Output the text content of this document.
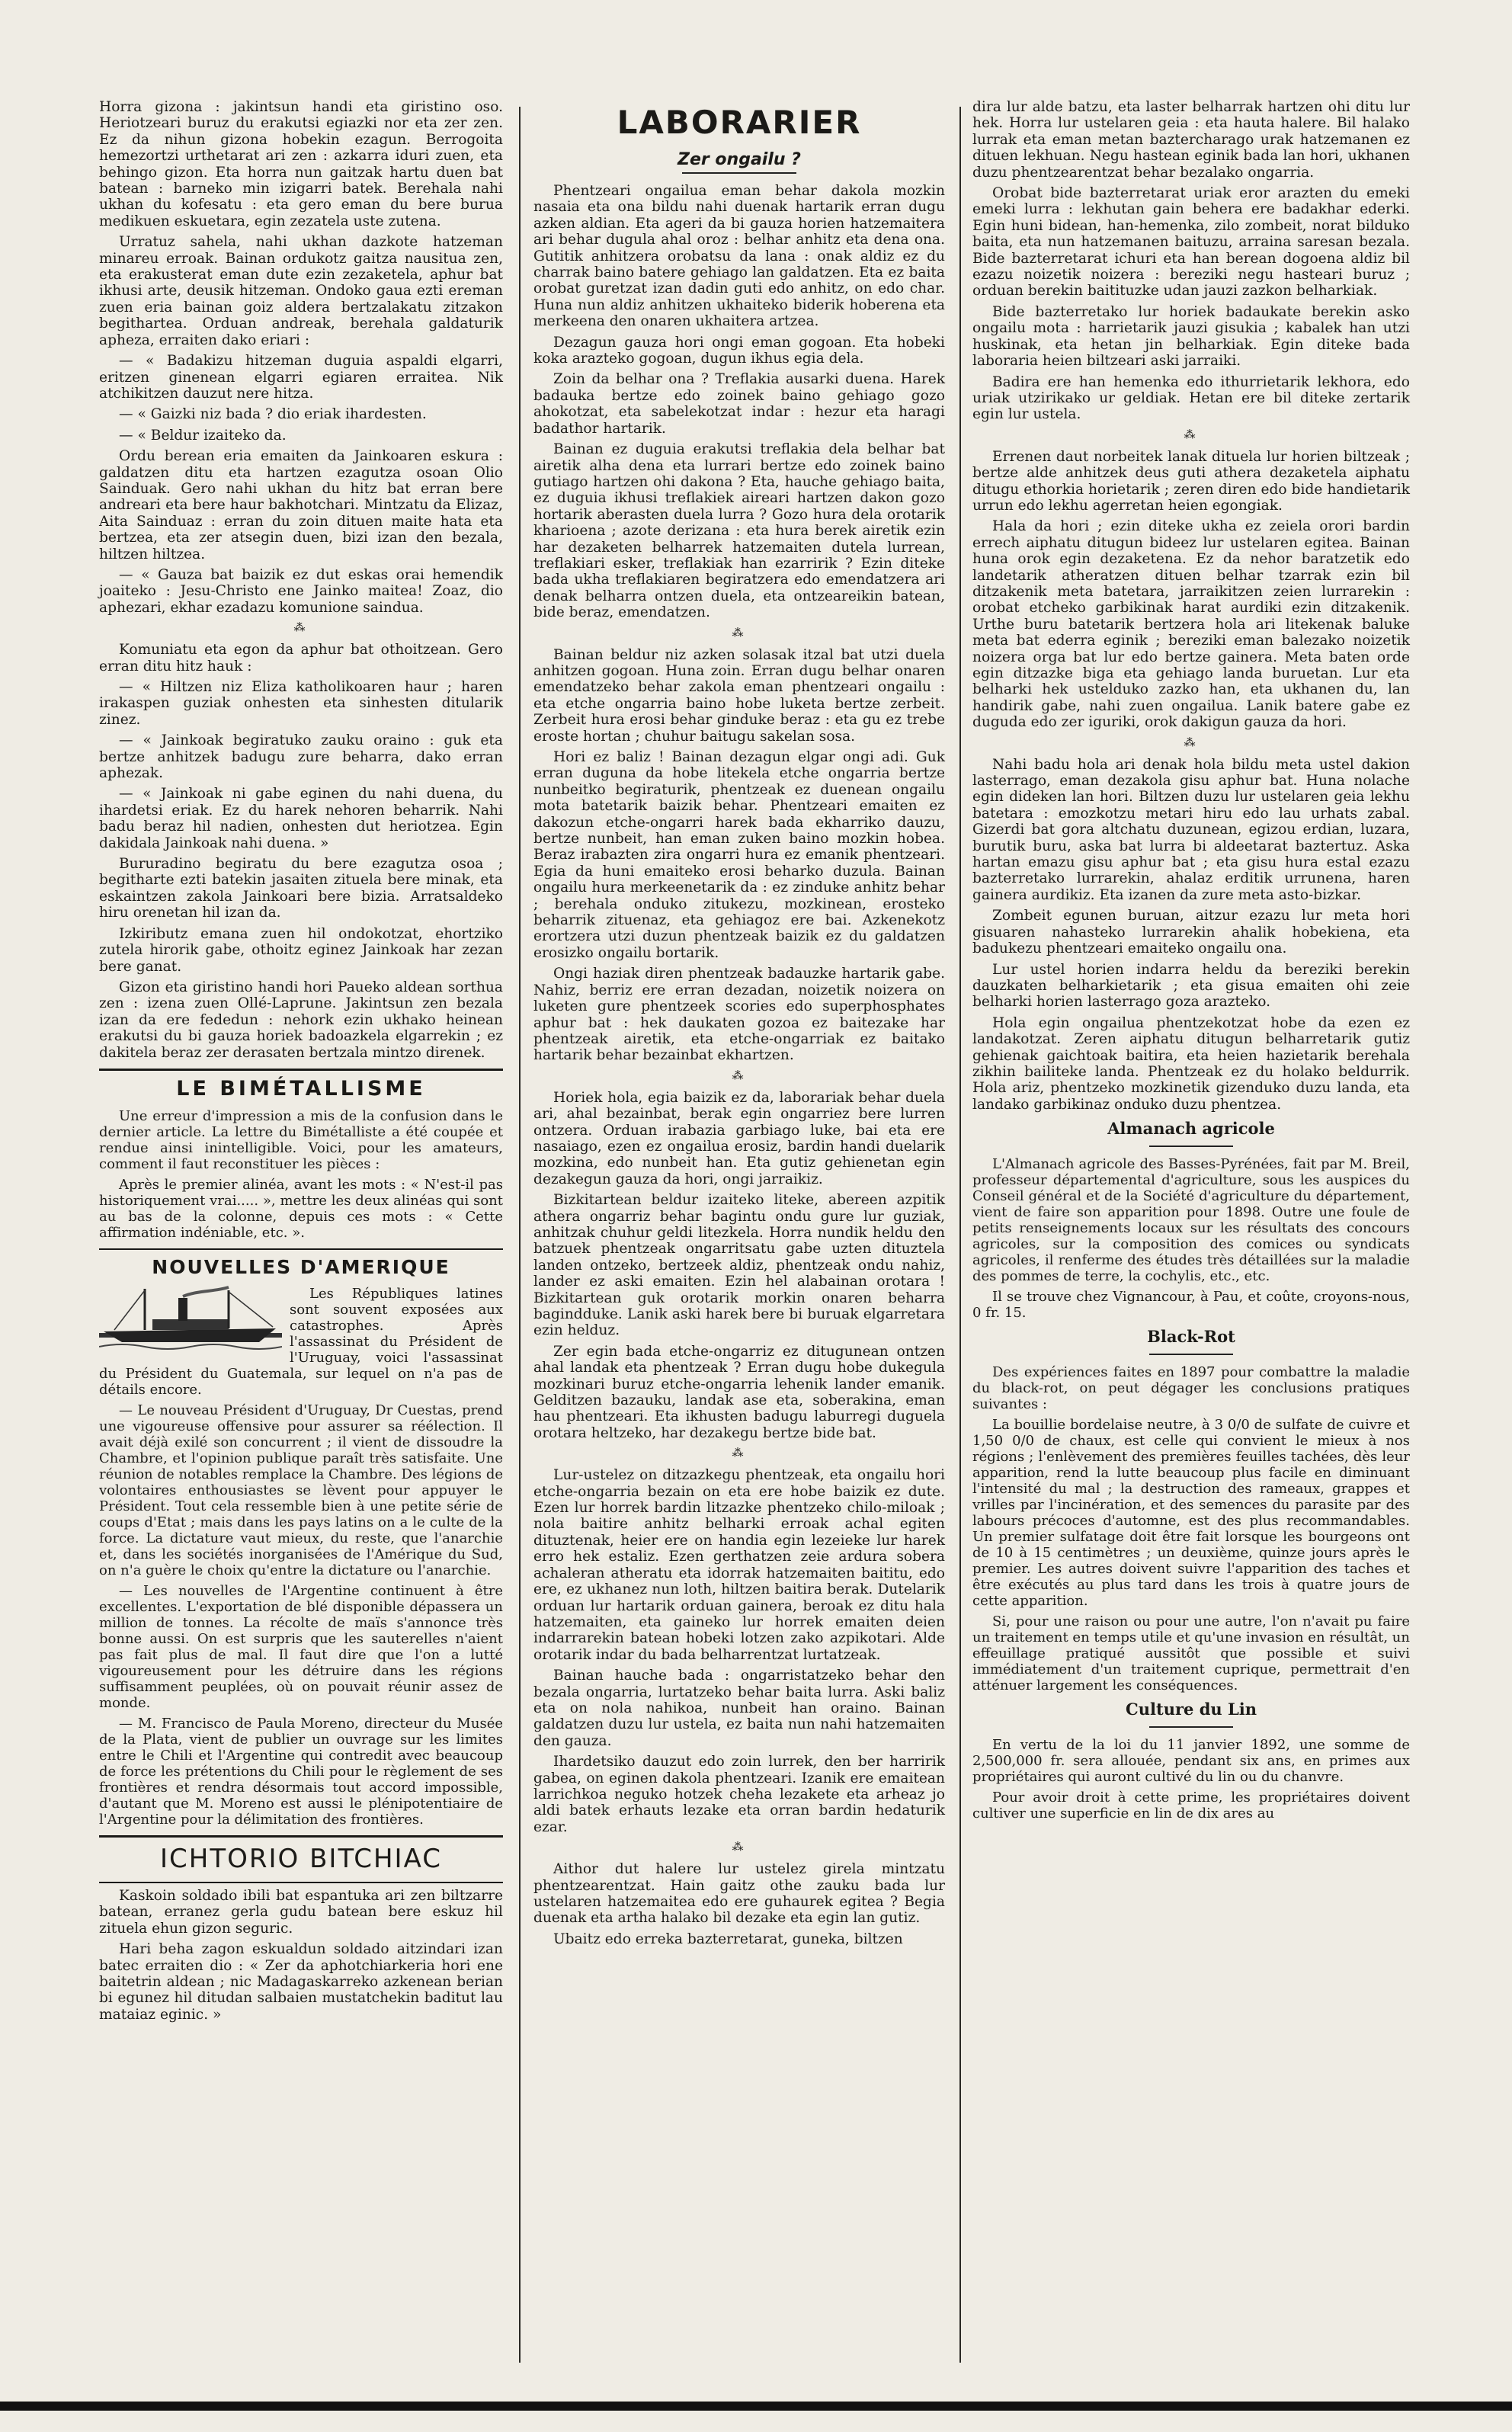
Horra gizona : jakintsun handi eta giristino oso. Heriotzeari buruz du erakutsi egiazki nor eta zer zen. Ez da nihun gizona hobekin ezagun. Berrogoita hemezortzi urthetarat ari zen : azkarra iduri zuen, eta behingo gizon. Eta horra nun gaitzak hartu duen bat batean : barneko min izigarri batek. Berehala nahi ukhan du kofesatu : eta gero eman du bere burua medikuen eskuetara, egin zezatela uste zutena.

Urratuz sahela, nahi ukhan dazkote hatzeman minareu erroak. Bainan ordukotz gaitza nausitua zen, eta erakusterat eman dute ezin zezaketela, aphur bat ikhusi arte, deusik hitzeman. Ondoko gaua ezti ereman zuen eria bainan goiz aldera bertzalakatu zitzakon begithartea. Orduan andreak, berehala galdaturik apheza, erraiten dako eriari :

— « Badakizu hitzeman duguia aspaldi elgarri, eritzen ginenean elgarri egiaren erraitea. Nik atchikitzen dauzut nere hitza.

— « Gaizki niz bada ? dio eriak ihardesten.

— « Beldur izaiteko da.

Ordu berean eria emaiten da Jainkoaren eskura : galdatzen ditu eta hartzen ezagutza osoan Olio Sainduak. Gero nahi ukhan du hitz bat erran bere andreari eta bere haur bakhotchari. Mintzatu da Elizaz, Aita Sainduaz : erran du zoin dituen maite hata eta bertzea, eta zer atsegin duen, bizi izan den bezala, hiltzen hiltzea.

— « Gauza bat baizik ez dut eskas orai hemendik joaiteko : Jesu-Christo ene Jainko maitea! Zoaz, dio aphezari, ekhar ezadazu komunione saindua.

⁂

Komuniatu eta egon da aphur bat othoitzean. Gero erran ditu hitz hauk :

— « Hiltzen niz Eliza katholikoaren haur ; haren irakaspen guziak onhesten eta sinhesten ditularik zinez.

— « Jainkoak begiratuko zauku oraino : guk eta bertze anhitzek badugu zure beharra, dako erran aphezak.

— « Jainkoak ni gabe eginen du nahi duena, du ihardetsi eriak. Ez du harek nehoren beharrik. Nahi badu beraz hil nadien, onhesten dut heriotzea. Egin dakidala Jainkoak nahi duena. »

Bururadino begiratu du bere ezagutza osoa ; begitharte ezti batekin jasaiten zituela bere minak, eta eskaintzen zakola Jainkoari bere bizia. Arratsaldeko hiru orenetan hil izan da.

Izkiributz emana zuen hil ondokotzat, ehortziko zutela hirorik gabe, othoitz eginez Jainkoak har zezan bere ganat.

Gizon eta giristino handi hori Paueko aldean sorthua zen : izena zuen Ollé-Laprune. Jakintsun zen bezala izan da ere fededun : nehork ezin ukhako heinean erakutsi du bi gauza horiek badoazkela elgarrekin ; ez dakitela beraz zer derasaten bertzala mintzo direnek.

LE BIMÉTALLISME

Une erreur d'impression a mis de la confusion dans le dernier article. La lettre du Bimétalliste a été coupée et rendue ainsi inintelligible. Voici, pour les amateurs, comment il faut reconstituer les pièces :

Après le premier alinéa, avant les mots : « N'est-il pas historiquement vrai..... », mettre les deux alinéas qui sont au bas de la colonne, depuis ces mots : « Cette affirmation indéniable, etc. ».

NOUVELLES D'AMERIQUE

Les Républiques latines sont souvent exposées aux catastrophes. Après l'assassinat du Président de l'Uruguay, voici l'assassinat du Président du Guatemala, sur lequel on n'a pas de détails encore.

— Le nouveau Président d'Uruguay, Dr Cuestas, prend une vigoureuse offensive pour assurer sa réélection. Il avait déjà exilé son concurrent ; il vient de dissoudre la Chambre, et l'opinion publique paraît très satisfaite. Une réunion de notables remplace la Chambre. Des légions de volontaires enthousiastes se lèvent pour appuyer le Président. Tout cela ressemble bien à une petite série de coups d'Etat ; mais dans les pays latins on a le culte de la force. La dictature vaut mieux, du reste, que l'anarchie et, dans les sociétés inorganisées de l'Amérique du Sud, on n'a guère le choix qu'entre la dictature ou l'anarchie.

— Les nouvelles de l'Argentine continuent à être excellentes. L'exportation de blé disponible dépassera un million de tonnes. La récolte de maïs s'annonce très bonne aussi. On est surpris que les sauterelles n'aient pas fait plus de mal. Il faut dire que l'on a lutté vigoureusement pour les détruire dans les régions suffisamment peuplées, où on pouvait réunir assez de monde.

— M. Francisco de Paula Moreno, directeur du Musée de la Plata, vient de publier un ouvrage sur les limites entre le Chili et l'Argentine qui contredit avec beaucoup de force les prétentions du Chili pour le règlement de ses frontières et rendra désormais tout accord impossible, d'autant que M. Moreno est aussi le plénipotentiaire de l'Argentine pour la délimitation des frontières.

ICHTORIO BITCHIAC

Kaskoin soldado ibili bat espantuka ari zen biltzarre batean, erranez gerla gudu batean bere eskuz hil zituela ehun gizon seguric.

Hari beha zagon eskualdun soldado aitzindari izan batec erraiten dio : « Zer da aphotchiarkeria hori ene baitetrin aldean ; nic Madagaskarreko azkenean berian bi egunez hil ditudan salbaien mustatchekin baditut lau mataiaz eginic. »

LABORARIER
Zer ongailu ?

Phentzeari ongailua eman behar dakola mozkin nasaia eta ona bildu nahi duenak hartarik erran dugu azken aldian. Eta ageri da bi gauza horien hatzemaitera ari behar dugula ahal oroz : belhar anhitz eta dena ona. Gutitik anhitzera orobatsu da lana : onak aldiz ez du charrak baino batere gehiago lan galdatzen. Eta ez baita orobat guretzat izan dadin guti edo anhitz, on edo char. Huna nun aldiz anhitzen ukhaiteko biderik hoberena eta merkeena den onaren ukhaitera artzea.

Dezagun gauza hori ongi eman gogoan. Eta hobeki koka arazteko gogoan, dugun ikhus egia dela.

Zoin da belhar ona ? Treflakia ausarki duena. Harek badauka bertze edo zoinek baino gehiago gozo ahokotzat, eta sabelekotzat indar : hezur eta haragi badathor hartarik.

Bainan ez duguia erakutsi treflakia dela belhar bat airetik alha dena eta lurrari bertze edo zoinek baino gutiago hartzen ohi dakona ? Eta, hauche gehiago baita, ez duguia ikhusi treflakiek aireari hartzen dakon gozo hortarik aberasten duela lurra ? Gozo hura dela orotarik kharioena ; azote derizana : eta hura berek airetik ezin har dezaketen belharrek hatzemaiten dutela lurrean, treflakiari esker, treflakiak han ezarririk ? Ezin diteke bada ukha treflakiaren begiratzera edo emendatzera ari denak belharra ontzen duela, eta ontzeareikin batean, bide beraz, emendatzen.

⁂

Bainan beldur niz azken solasak itzal bat utzi duela anhitzen gogoan. Huna zoin. Erran dugu belhar onaren emendatzeko behar zakola eman phentzeari ongailu : eta etche ongarria baino hobe luketa bertze zerbeit. Zerbeit hura erosi behar ginduke beraz : eta gu ez trebe eroste hortan ; chuhur baitugu sakelan sosa.

Hori ez baliz ! Bainan dezagun elgar ongi adi. Guk erran duguna da hobe litekela etche ongarria bertze nunbeitko begiraturik, phentzeak ez duenean ongailu mota batetarik baizik behar. Phentzeari emaiten ez dakozun etche-ongarri harek bada ekharriko dauzu, bertze nunbeit, han eman zuken baino mozkin hobea. Beraz irabazten zira ongarri hura ez emanik phentzeari. Egia da huni emaiteko erosi beharko duzula. Bainan ongailu hura merkeenetarik da : ez zinduke anhitz behar ; berehala onduko zitukezu, mozkinean, erosteko beharrik zituenaz, eta gehiagoz ere bai. Azkenekotz erortzera utzi duzun phentzeak baizik ez du galdatzen erosizko ongailu bortarik.

Ongi haziak diren phentzeak badauzke hartarik gabe. Nahiz, berriz ere erran dezadan, noizetik noizera on luketen gure phentzeek scories edo superphosphates aphur bat : hek daukaten gozoa ez baitezake har phentzeak airetik, eta etche-ongarriak ez baitako hartarik behar bezainbat ekhartzen.

⁂

Horiek hola, egia baizik ez da, laborariak behar duela ari, ahal bezainbat, berak egin ongarriez bere lurren ontzera. Orduan irabazia garbiago luke, bai eta ere nasaiago, ezen ez ongailua erosiz, bardin handi duelarik mozkina, edo nunbeit han. Eta gutiz gehienetan egin dezakegun gauza da hori, ongi jarraikiz.

Bizkitartean beldur izaiteko liteke, abereen azpitik athera ongarriz behar bagintu ondu gure lur guziak, anhitzak chuhur geldi litezkela. Horra nundik heldu den batzuek phentzeak ongarritsatu gabe uzten dituztela landen ontzeko, bertzeek aldiz, phentzeak ondu nahiz, lander ez aski emaiten. Ezin hel alabainan orotara ! Bizkitartean guk orotarik morkin onaren beharra bagindduke. Lanik aski harek bere bi buruak elgarretara ezin helduz.

Zer egin bada etche-ongarriz ez ditugunean ontzen ahal landak eta phentzeak ? Erran dugu hobe dukegula mozkinari buruz etche-ongarria lehenik lander emanik. Gelditzen bazauku, landak ase eta, soberakina, eman hau phentzeari. Eta ikhusten badugu laburregi duguela orotara heltzeko, har dezakegu bertze bide bat.

⁂

Lur-ustelez on ditzazkegu phentzeak, eta ongailu hori etche-ongarria bezain on eta ere hobe baizik ez dute. Ezen lur horrek bardin litzazke phentzeko chilo-miloak ; nola baitire anhitz belharki erroak achal egiten dituztenak, heier ere on handia egin lezeieke lur harek erro hek estaliz. Ezen gerthatzen zeie ardura sobera achaleran atheratu eta idorrak hatzemaiten baititu, edo ere, ez ukhanez nun loth, hiltzen baitira berak. Dutelarik orduan lur hartarik orduan gainera, beroak ez ditu hala hatzemaiten, eta gaineko lur horrek emaiten deien indarrarekin batean hobeki lotzen zako azpikotari. Alde orotarik indar du bada belharrentzat lurtatzeak.

Bainan hauche bada : ongarristatzeko behar den bezala ongarria, lurtatzeko behar baita lurra. Aski baliz eta on nola nahikoa, nunbeit han oraino. Bainan galdatzen duzu lur ustela, ez baita nun nahi hatzemaiten den gauza.

Ihardetsiko dauzut edo zoin lurrek, den ber harririk gabea, on eginen dakola phentzeari. Izanik ere emaitean larrichkoa neguko hotzek cheha lezakete eta arheaz jo aldi batek erhauts lezake eta orran bardin hedaturik ezar.

⁂

Aithor dut halere lur ustelez girela mintzatu phentzearentzat. Hain gaitz othe zauku bada lur ustelaren hatzemaitea edo ere guhaurek egitea ? Begia duenak eta artha halako bil dezake eta egin lan gutiz.

Ubaitz edo erreka bazterretarat, guneka, biltzen

dira lur alde batzu, eta laster belharrak hartzen ohi ditu lur hek. Horra lur ustelaren geia : eta hauta halere. Bil halako lurrak eta eman metan baztercharago urak hatzemanen ez dituen lekhuan. Negu hastean eginik bada lan hori, ukhanen duzu phentzearentzat behar bezalako ongarria.

Orobat bide bazterretarat uriak eror arazten du emeki emeki lurra : lekhutan gain behera ere badakhar ederki. Egin huni bidean, han-hemenka, zilo zombeit, norat bilduko baita, eta nun hatzemanen baituzu, arraina saresan bezala. Bide bazterretarat ichuri eta han berean dogoena aldiz bil ezazu noizetik noizera : bereziki negu hasteari buruz ; orduan berekin baitituzke udan jauzi zazkon belharkiak.

Bide bazterretako lur horiek badaukate berekin asko ongailu mota : harrietarik jauzi gisukia ; kabalek han utzi huskinak, eta hetan jin belharkiak. Egin diteke bada laboraria heien biltzeari aski jarraiki.

Badira ere han hemenka edo ithurrietarik lekhora, edo uriak utzirikako ur geldiak. Hetan ere bil diteke zertarik egin lur ustela.

⁂

Errenen daut norbeitek lanak dituela lur horien biltzeak ; bertze alde anhitzek deus guti athera dezaketela aiphatu ditugu ethorkia horietarik ; zeren diren edo bide handietarik urrun edo lekhu agerretan heien egongiak.

Hala da hori ; ezin diteke ukha ez zeiela orori bardin errech aiphatu ditugun bideez lur ustelaren egitea. Bainan huna orok egin dezaketena. Ez da nehor baratzetik edo landetarik atheratzen dituen belhar tzarrak ezin bil ditzakenik meta batetara, jarraikitzen zeien lurrarekin : orobat etcheko garbikinak harat aurdiki ezin ditzakenik. Urthe buru batetarik bertzera hola ari litekenak baluke meta bat ederra eginik ; bereziki eman balezako noizetik noizera orga bat lur edo bertze gainera. Meta baten orde egin ditzazke biga eta gehiago landa buruetan. Lur eta belharki hek ustelduko zazko han, eta ukhanen du, lan handirik gabe, nahi zuen ongailua. Lanik batere gabe ez duguda edo zer iguriki, orok dakigun gauza da hori.

⁂

Nahi badu hola ari denak hola bildu meta ustel dakion lasterrago, eman dezakola gisu aphur bat. Huna nolache egin dideken lan hori. Biltzen duzu lur ustelaren geia lekhu batetara : emozkotzu metari hiru edo lau urhats zabal. Gizerdi bat gora altchatu duzunean, egizou erdian, luzara, burutik buru, aska bat lurra bi aldeetarat baztertuz. Aska hartan emazu gisu aphur bat ; eta gisu hura estal ezazu bazterretako lurrarekin, ahalaz erditik urrunena, haren gainera aurdikiz. Eta izanen da zure meta asto-bizkar.

Zombeit egunen buruan, aitzur ezazu lur meta hori gisuaren nahasteko lurrarekin ahalik hobekiena, eta badukezu phentzeari emaiteko ongailu ona.

Lur ustel horien indarra heldu da bereziki berekin dauzkaten belharkietarik ; eta gisua emaiten ohi zeie belharki horien lasterrago goza arazteko.

Hola egin ongailua phentzekotzat hobe da ezen ez landakotzat. Zeren aiphatu ditugun belharretarik gutiz gehienak gaichtoak baitira, eta heien hazietarik berehala zikhin bailiteke landa. Phentzeak ez du holako beldurrik. Hola ariz, phentzeko mozkinetik gizenduko duzu landa, eta landako garbikinaz onduko duzu phentzea.

Almanach agricole

L'Almanach agricole des Basses-Pyrénées, fait par M. Breil, professeur départemental d'agriculture, sous les auspices du Conseil général et de la Société d'agriculture du département, vient de faire son apparition pour 1898. Outre une foule de petits renseignements locaux sur les résultats des concours agricoles, sur la composition des comices ou syndicats agricoles, il renferme des études très détaillées sur la maladie des pommes de terre, la cochylis, etc., etc.

Il se trouve chez Vignancour, à Pau, et coûte, croyons-nous, 0 fr. 15.

Black-Rot

Des expériences faites en 1897 pour combattre la maladie du black-rot, on peut dégager les conclusions pratiques suivantes :

La bouillie bordelaise neutre, à 3 0/0 de sulfate de cuivre et 1,50 0/0 de chaux, est celle qui convient le mieux à nos régions ; l'enlèvement des premières feuilles tachées, dès leur apparition, rend la lutte beaucoup plus facile en diminuant l'intensité du mal ; la destruction des rameaux, grappes et vrilles par l'incinération, et des semences du parasite par des labours précoces d'automne, est des plus recommandables. Un premier sulfatage doit être fait lorsque les bourgeons ont de 10 à 15 centimètres ; un deuxième, quinze jours après le premier. Les autres doivent suivre l'apparition des taches et être exécutés au plus tard dans les trois à quatre jours de cette apparition.

Si, pour une raison ou pour une autre, l'on n'avait pu faire un traitement en temps utile et qu'une invasion en résultât, un effeuillage pratiqué aussitôt que possible et suivi immédiatement d'un traitement cuprique, permettrait d'en atténuer largement les conséquences.

Culture du Lin

En vertu de la loi du 11 janvier 1892, une somme de 2,500,000 fr. sera allouée, pendant six ans, en primes aux propriétaires qui auront cultivé du lin ou du chanvre.

Pour avoir droit à cette prime, les propriétaires doivent cultiver une superficie en lin de dix ares au
